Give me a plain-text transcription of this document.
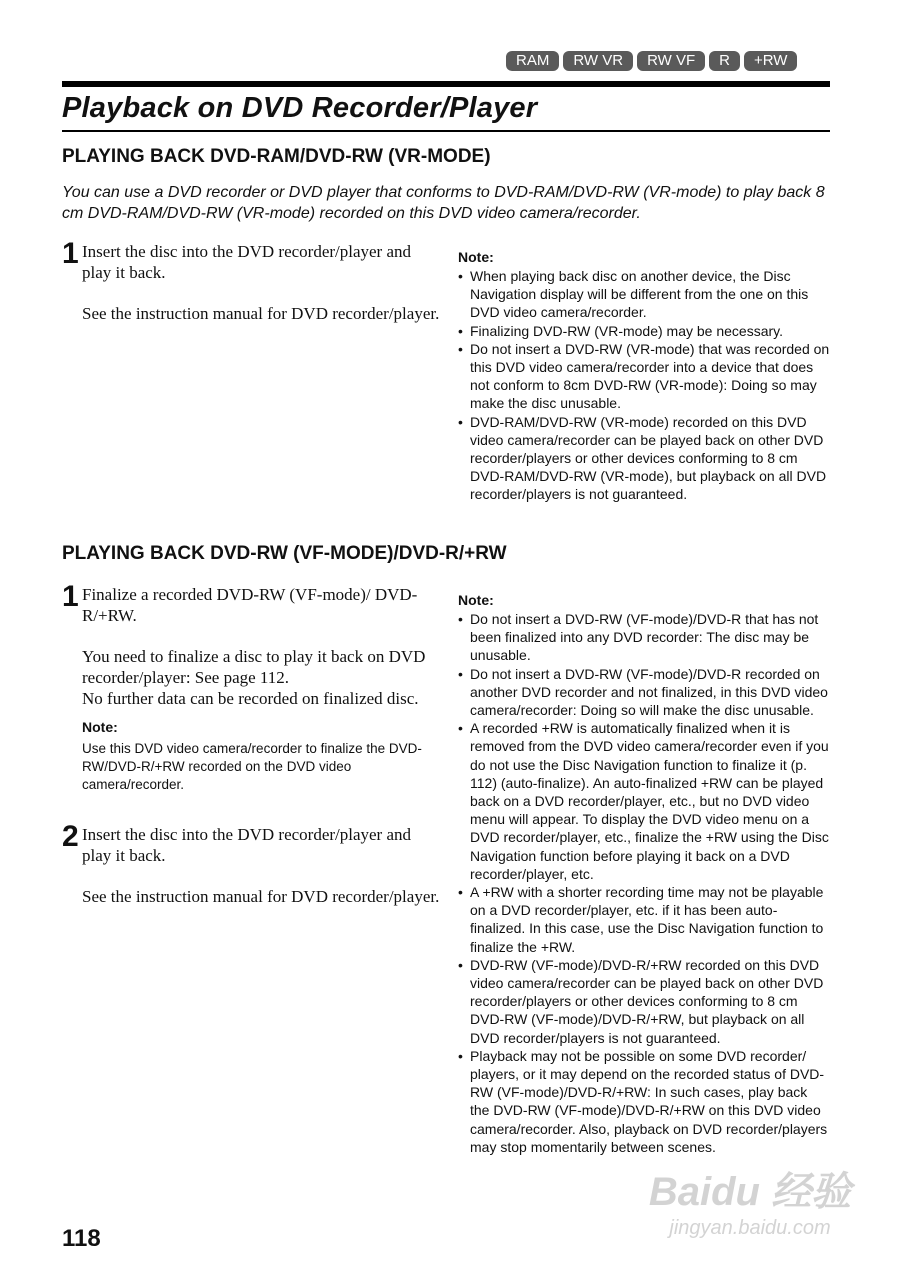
RAM	RW VR	RW VF	R	+RW
Playback on DVD Recorder/Player
PLAYING BACK DVD-RAM/DVD-RW (VR-MODE)

You can use a DVD recorder or DVD player that conforms to DVD-RAM/DVD-RW (VR-mode) to play back 8 cm DVD-RAM/DVD-RW (VR-mode) recorded on this DVD video camera/recorder.

1 Insert the disc into the DVD recorder/player and play it back.

See the instruction manual for DVD recorder/player.

Note:
• When playing back disc on another device, the Disc Navigation display will be different from the one on this DVD video camera/recorder.
• Finalizing DVD-RW (VR-mode) may be necessary.
• Do not insert a DVD-RW (VR-mode) that was recorded on this DVD video camera/recorder into a device that does not conform to 8cm DVD-RW (VR-mode): Doing so may make the disc unusable.
• DVD-RAM/DVD-RW (VR-mode) recorded on this DVD video camera/recorder can be played back on other DVD recorder/players or other devices conforming to 8 cm DVD-RAM/DVD-RW (VR-mode), but playback on all DVD recorder/players is not guaranteed.
PLAYING BACK DVD-RW (VF-MODE)/DVD-R/+RW
1 Finalize a recorded DVD-RW (VF-mode)/ DVD-R/+RW.

You need to finalize a disc to play it back on DVD recorder/player: See page 112.

No further data can be recorded on finalized disc.

Note:
Use this DVD video camera/recorder to finalize the DVD-RW/DVD-R/+RW recorded on the DVD video camera/recorder.
2 Insert the disc into the DVD recorder/player and play it back.

See the instruction manual for DVD recorder/player.

Note:
• Do not insert a DVD-RW (VF-mode)/DVD-R that has not been finalized into any DVD recorder: The disc may be unusable.
• Do not insert a DVD-RW (VF-mode)/DVD-R recorded on another DVD recorder and not finalized, in this DVD video camera/recorder: Doing so will make the disc unusable.
• A recorded +RW is automatically finalized when it is removed from the DVD video camera/recorder even if you do not use the Disc Navigation function to finalize it (p. 112) (auto-finalize). An auto-finalized +RW can be played back on a DVD recorder/player, etc., but no DVD video menu will appear. To display the DVD video menu on a DVD recorder/player, etc., finalize the +RW using the Disc Navigation function before playing it back on a DVD recorder/player, etc.
• A +RW with a shorter recording time may not be playable on a DVD recorder/player, etc. if it has been auto-finalized. In this case, use the Disc Navigation function to finalize the +RW.
• DVD-RW (VF-mode)/DVD-R/+RW recorded on this DVD video camera/recorder can be played back on other DVD recorder/players or other devices conforming to 8 cm DVD-RW (VF-mode)/DVD-R/+RW, but playback on all DVD recorder/players is not guaranteed.
• Playback may not be possible on some DVD recorder/ players, or it may depend on the recorded status of DVD-RW (VF-mode)/DVD-R/+RW: In such cases, play back the DVD-RW (VF-mode)/DVD-R/+RW on this DVD video camera/recorder. Also, playback on DVD recorder/players may stop momentarily between scenes.
118
Baidu 经验
jingyan.baidu.com
